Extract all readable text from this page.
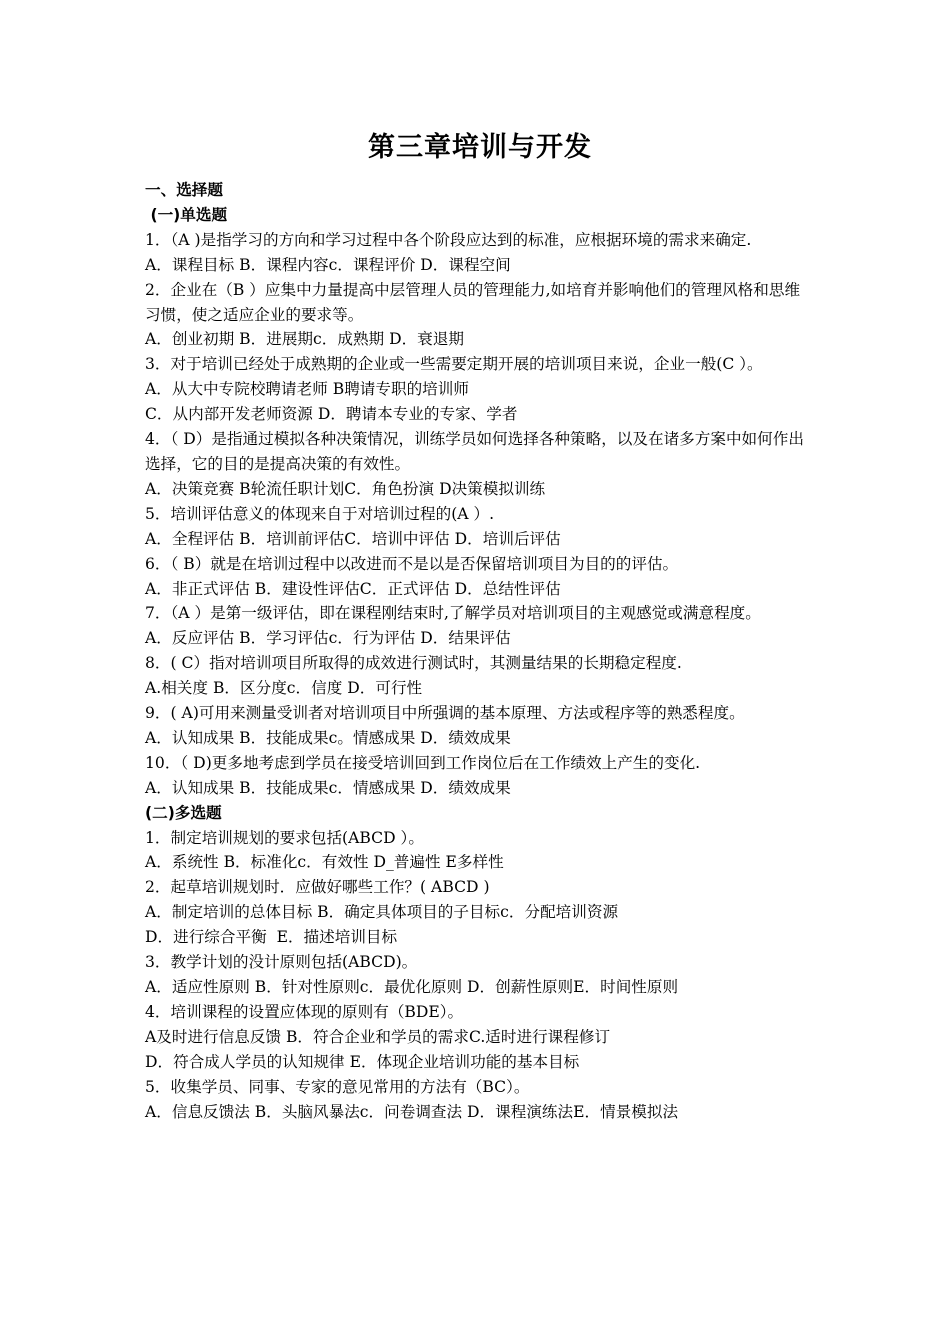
第三章培训与开发
一、选择题
(一)单选题
1．（A )是指学习的方向和学习过程中各个阶段应达到的标准，应根据环境的需求来确定.
A．课程目标 B．课程内容c．课程评价 D．课程空间
2．企业在（B ）应集中力量提高中层管理人员的管理能力,如培育并影响他们的管理风格和思维习惯，使之适应企业的要求等。
A．创业初期 B．进展期c．成熟期 D．衰退期
3．对于培训已经处于成熟期的企业或一些需要定期开展的培训项目来说，企业一般(C ）。
A．从大中专院校聘请老师 B聘请专职的培训师
C．从内部开发老师资源 D．聘请本专业的专家、学者
4．（ D）是指通过模拟各种决策情况，训练学员如何选择各种策略，以及在诸多方案中如何作出选择，它的目的是提高决策的有效性。
A．决策竞赛 B轮流任职计划C．角色扮演 D决策模拟训练
5．培训评估意义的体现来自于对培训过程的(A ）.
A．全程评估 B．培训前评估C．培训中评估 D．培训后评估
6．（ B）就是在培训过程中以改进而不是以是否保留培训项目为目的的评估。
A．非正式评估 B．建设性评估C．正式评估 D．总结性评估
7．（A ）是第一级评估，即在课程刚结束时,了解学员对培训项目的主观感觉或满意程度。
A．反应评估 B．学习评估c．行为评估 D．结果评估
8．( C）指对培训项目所取得的成效进行测试时，其测量结果的长期稳定程度.
A.相关度 B．区分度c．信度 D．可行性
9．( A)可用来测量受训者对培训项目中所强调的基本原理、方法或程序等的熟悉程度。
A．认知成果 B．技能成果c。情感成果 D．绩效成果
10．（ D)更多地考虑到学员在接受培训回到工作岗位后在工作绩效上产生的变化.
A．认知成果 B．技能成果c．情感成果 D．绩效成果
(二)多选题
1．制定培训规划的要求包括(ABCD ）。
A．系统性 B．标准化c．有效性 D_普遍性 E多样性
2．起草培训规划时．应做好哪些工作？( ABCD )
A．制定培训的总体目标 B．确定具体项目的子目标c．分配培训资源
D．进行综合平衡  E．描述培训目标
3．教学计划的没计原则包括(ABCD)。
A．适应性原则 B．针对性原则c．最优化原则 D．创薪性原则E．时间性原则
4．培训课程的设置应体现的原则有（BDE）。
A及时进行信息反馈 B．符合企业和学员的需求C.适时进行课程修订
D．符合成人学员的认知规律 E．体现企业培训功能的基本目标
5．收集学员、同事、专家的意见常用的方法有（BC）。
A．信息反馈法 B．头脑风暴法c．问卷调查法 D．课程演练法E．情景模拟法
